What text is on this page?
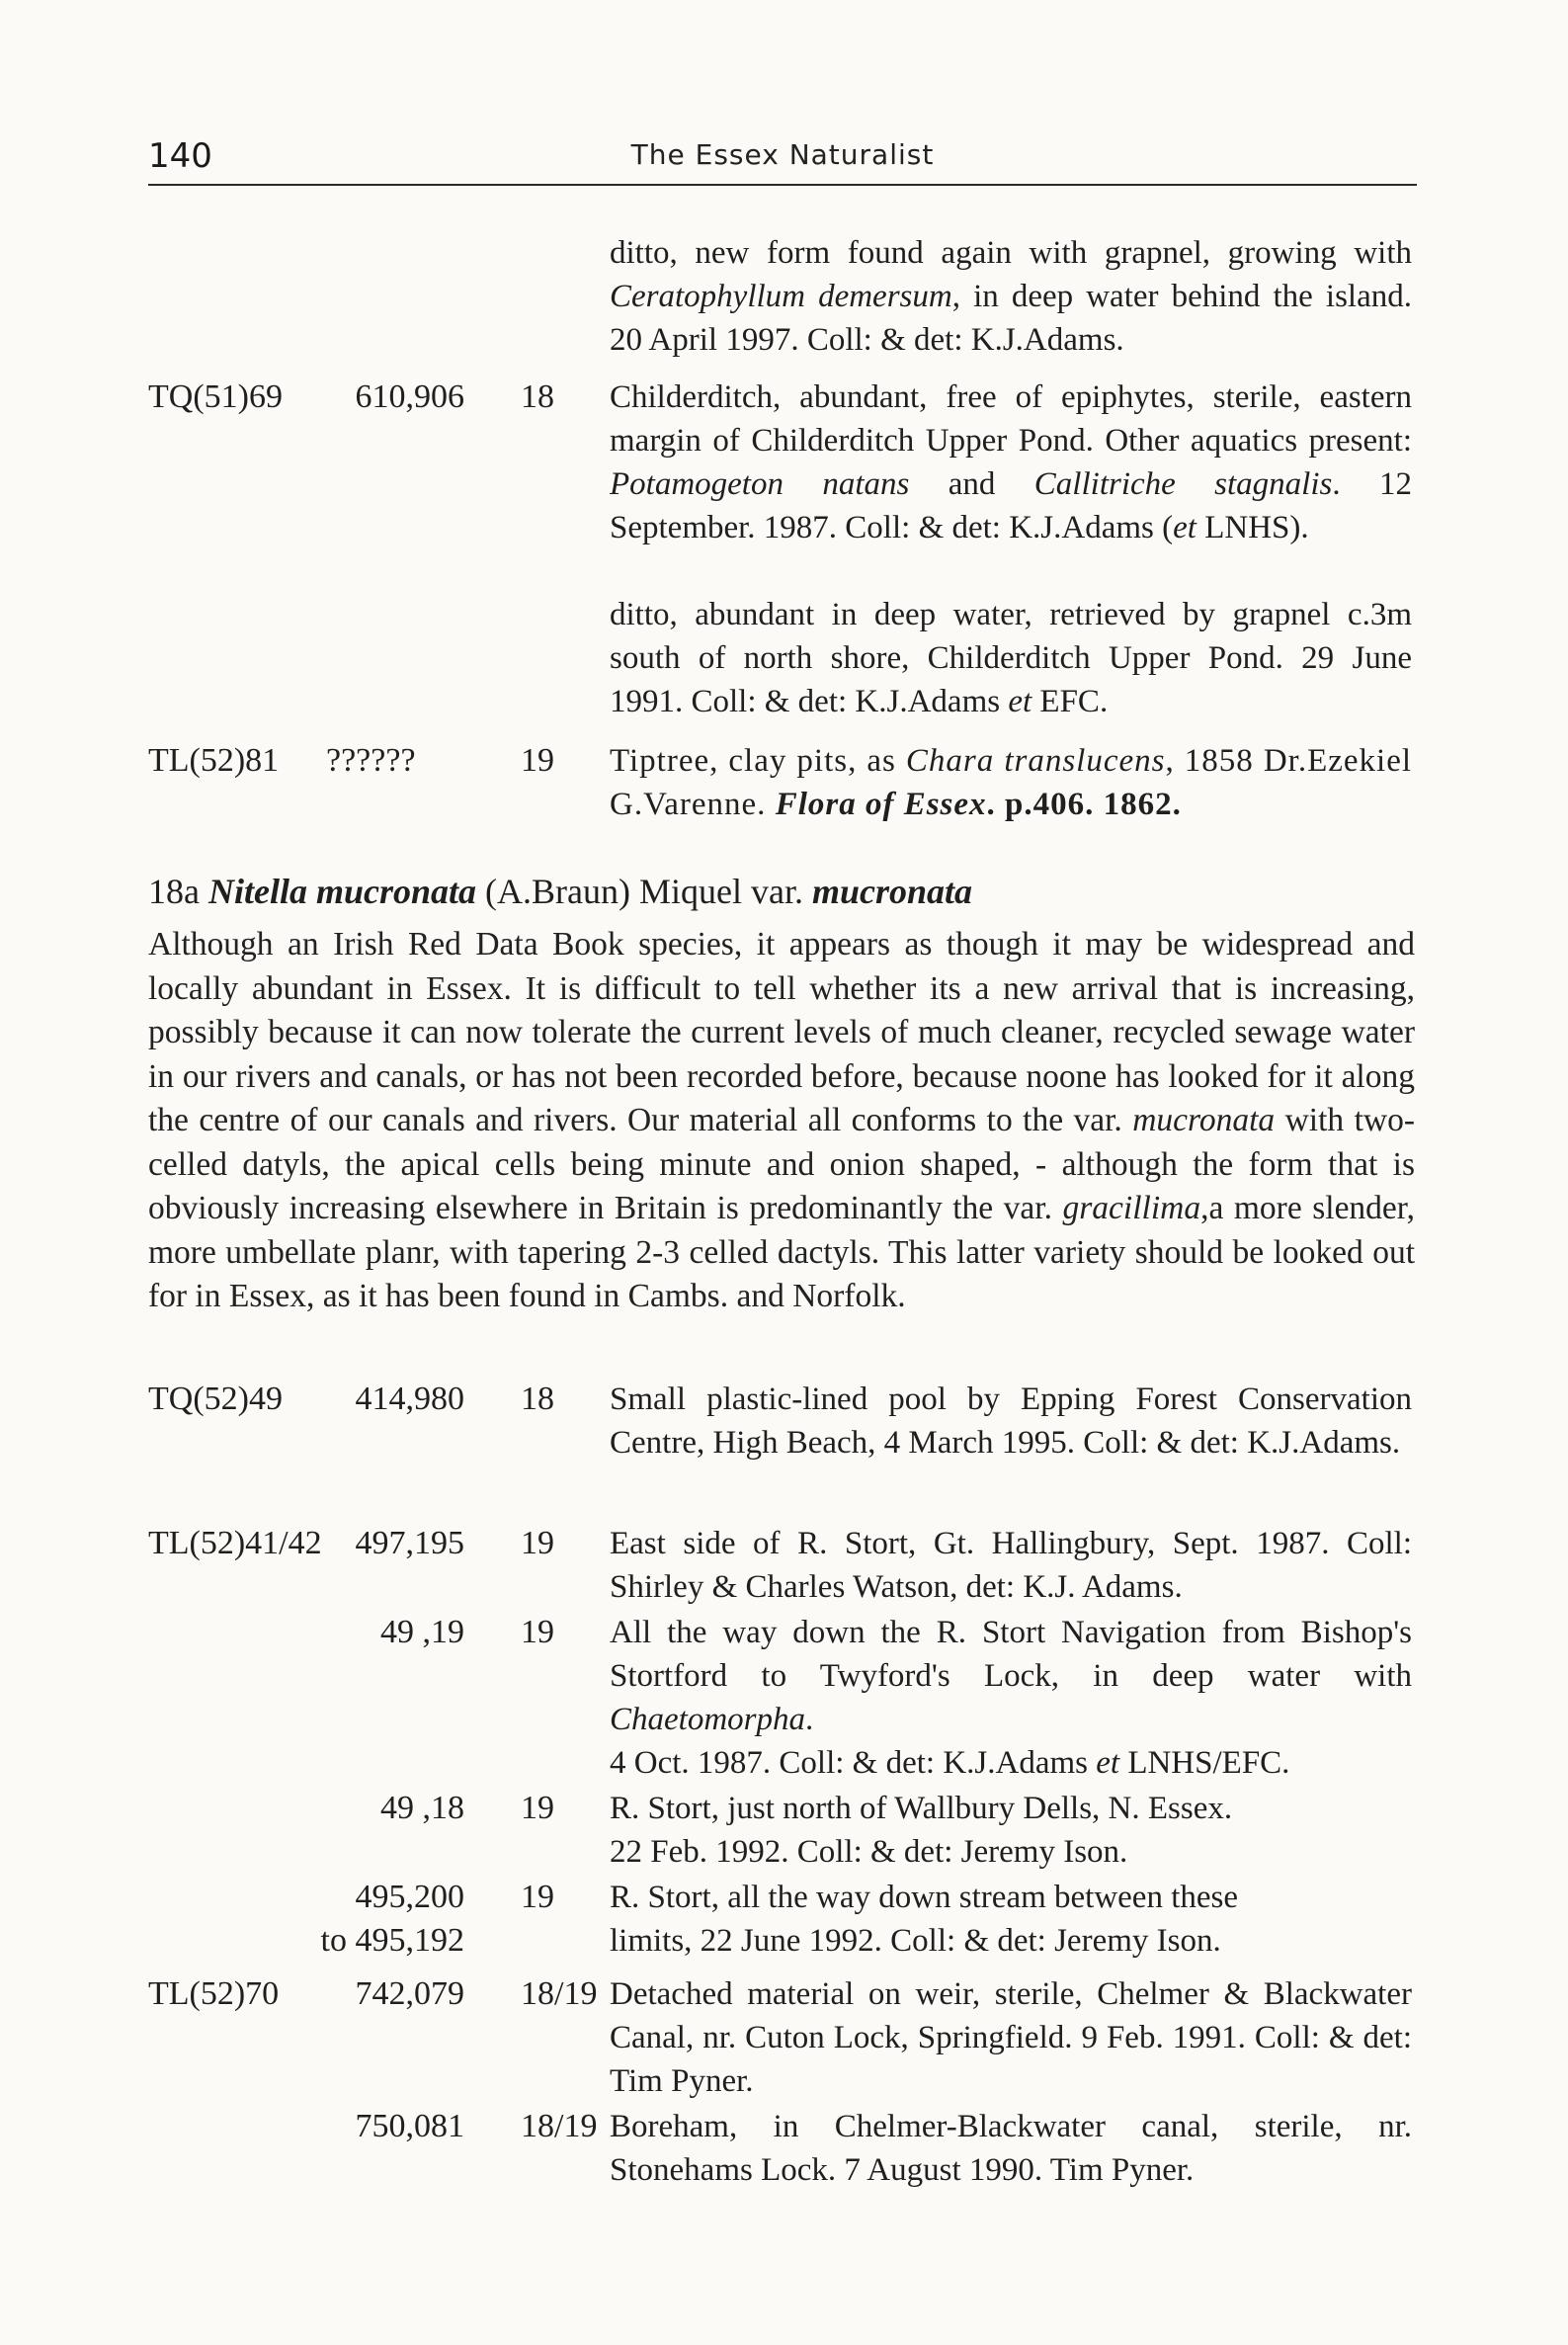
140	The Essex Naturalist
ditto, new form found again with grapnel, growing with Ceratophyllum demersum, in deep water behind the island. 20 April 1997. Coll: & det: K.J.Adams.
TQ(51)69 610,906 18 Childerditch, abundant, free of epiphytes, sterile, eastern margin of Childerditch Upper Pond. Other aquatics present: Potamogeton natans and Callitriche stagnalis. 12 September. 1987. Coll: & det: K.J.Adams (et LNHS).
ditto, abundant in deep water, retrieved by grapnel c.3m south of north shore, Childerditch Upper Pond. 29 June 1991. Coll: & det: K.J.Adams et EFC.
TL(52)81 ??????	19 Tiptree, clay pits, as Chara translucens, 1858 Dr.Ezekiel G.Varenne. Flora of Essex. p.406. 1862.
18a Nitella mucronata (A.Braun) Miquel var. mucronata
Although an Irish Red Data Book species, it appears as though it may be widespread and locally abundant in Essex. It is difficult to tell whether its a new arrival that is increasing, possibly because it can now tolerate the current levels of much cleaner, recycled sewage water in our rivers and canals, or has not been recorded before, because noone has looked for it along the centre of our canals and rivers. Our material all conforms to the var. mucronata with two-celled datyls, the apical cells being minute and onion shaped, - although the form that is obviously increasing elsewhere in Britain is predominantly the var. gracillima,a more slender, more umbellate planr, with tapering 2-3 celled dactyls. This latter variety should be looked out for in Essex, as it has been found in Cambs. and Norfolk.
TQ(52)49 414,980 18 Small plastic-lined pool by Epping Forest Conservation Centre, High Beach, 4 March 1995. Coll: & det: K.J.Adams.
TL(52)41/42 497,195 19 East side of R. Stort, Gt. Hallingbury, Sept. 1987. Coll: Shirley & Charles Watson, det: K.J. Adams.
49 ,19 19 All the way down the R. Stort Navigation from Bishop's Stortford to Twyford's Lock, in deep water with Chaetomorpha.
4 Oct. 1987. Coll: & det: K.J.Adams et LNHS/EFC.
49 ,18 19 R. Stort, just north of Wallbury Dells, N. Essex.
22 Feb. 1992. Coll: & det: Jeremy Ison.
495,200
to 495,192
19 R. Stort, all the way down stream between these
limits, 22 June 1992. Coll: & det: Jeremy Ison.
TL(52)70 742,079 18/19 Detached material on weir, sterile, Chelmer & Blackwater Canal, nr. Cuton Lock, Springfield. 9 Feb. 1991. Coll: & det: Tim Pyner.
750,081 18/19 Boreham, in Chelmer-Blackwater canal, sterile, nr. Stonehams Lock. 7 August 1990. Tim Pyner.
